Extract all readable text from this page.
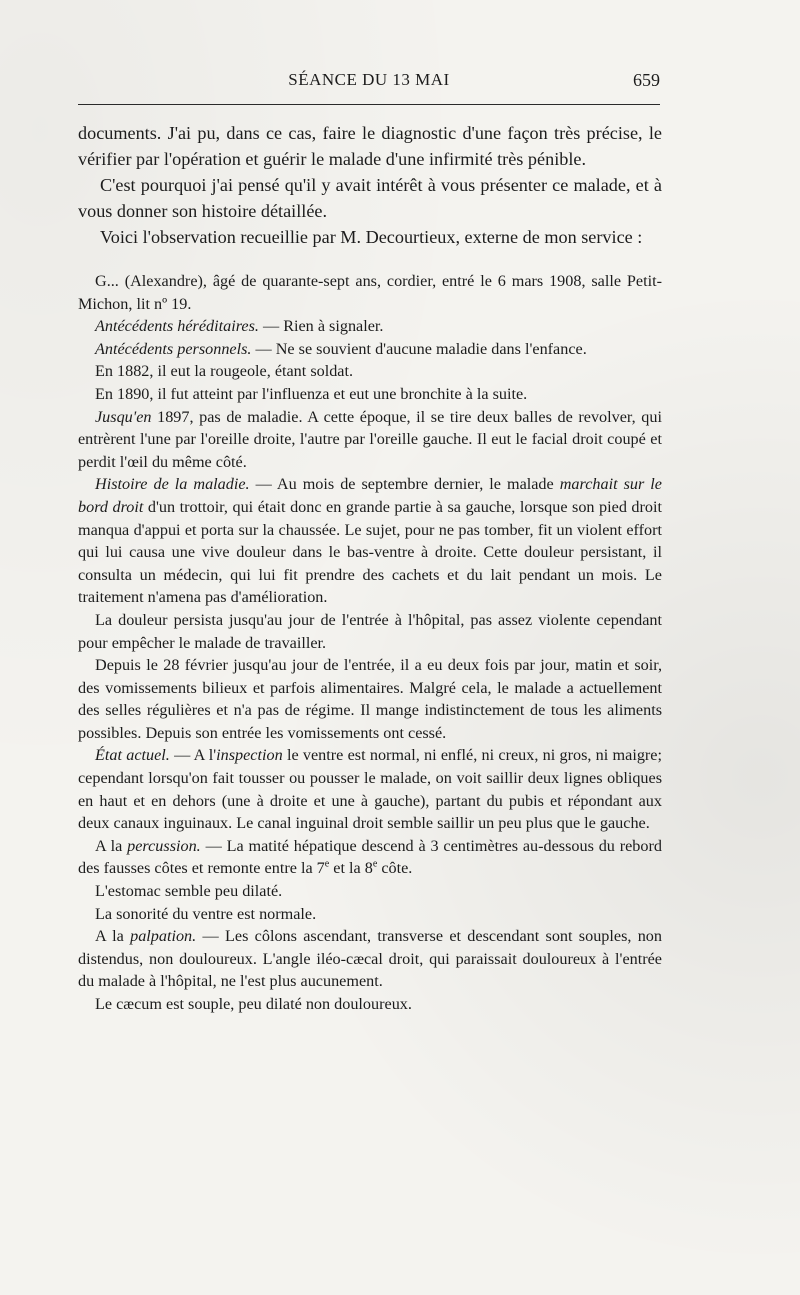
SÉANCE DU 13 MAI	659

documents. J'ai pu, dans ce cas, faire le diagnostic d'une façon très précise, le vérifier par l'opération et guérir le malade d'une infirmité très pénible.

C'est pourquoi j'ai pensé qu'il y avait intérêt à vous présenter ce malade, et à vous donner son histoire détaillée.

Voici l'observation recueillie par M. Decourtieux, externe de mon service :

G... (Alexandre), âgé de quarante-sept ans, cordier, entré le 6 mars 1908, salle Petit-Michon, lit nº 19.

Antécédents héréditaires. — Rien à signaler.

Antécédents personnels. — Ne se souvient d'aucune maladie dans l'enfance.

En 1882, il eut la rougeole, étant soldat.

En 1890, il fut atteint par l'influenza et eut une bronchite à la suite.

Jusqu'en 1897, pas de maladie. A cette époque, il se tire deux balles de revolver, qui entrèrent l'une par l'oreille droite, l'autre par l'oreille gauche. Il eut le facial droit coupé et perdit l'œil du même côté.

Histoire de la maladie. — Au mois de septembre dernier, le malade marchait sur le bord droit d'un trottoir, qui était donc en grande partie à sa gauche, lorsque son pied droit manqua d'appui et porta sur la chaussée. Le sujet, pour ne pas tomber, fit un violent effort qui lui causa une vive douleur dans le bas-ventre à droite. Cette douleur persistant, il consulta un médecin, qui lui fit prendre des cachets et du lait pendant un mois. Le traitement n'amena pas d'amélioration.

La douleur persista jusqu'au jour de l'entrée à l'hôpital, pas assez violente cependant pour empêcher le malade de travailler.

Depuis le 28 février jusqu'au jour de l'entrée, il a eu deux fois par jour, matin et soir, des vomissements bilieux et parfois alimentaires. Malgré cela, le malade a actuellement des selles régulières et n'a pas de régime. Il mange indistinctement de tous les aliments possibles. Depuis son entrée les vomissements ont cessé.

État actuel. — A l'inspection le ventre est normal, ni enflé, ni creux, ni gros, ni maigre; cependant lorsqu'on fait tousser ou pousser le malade, on voit saillir deux lignes obliques en haut et en dehors (une à droite et une à gauche), partant du pubis et répondant aux deux canaux inguinaux. Le canal inguinal droit semble saillir un peu plus que le gauche.

A la percussion. — La matité hépatique descend à 3 centimètres au-dessous du rebord des fausses côtes et remonte entre la 7e et la 8e côte.

L'estomac semble peu dilaté.

La sonorité du ventre est normale.

A la palpation. — Les côlons ascendant, transverse et descendant sont souples, non distendus, non douloureux. L'angle iléo-cæcal droit, qui paraissait douloureux à l'entrée du malade à l'hôpital, ne l'est plus aucunement.

Le cæcum est souple, peu dilaté non douloureux.
